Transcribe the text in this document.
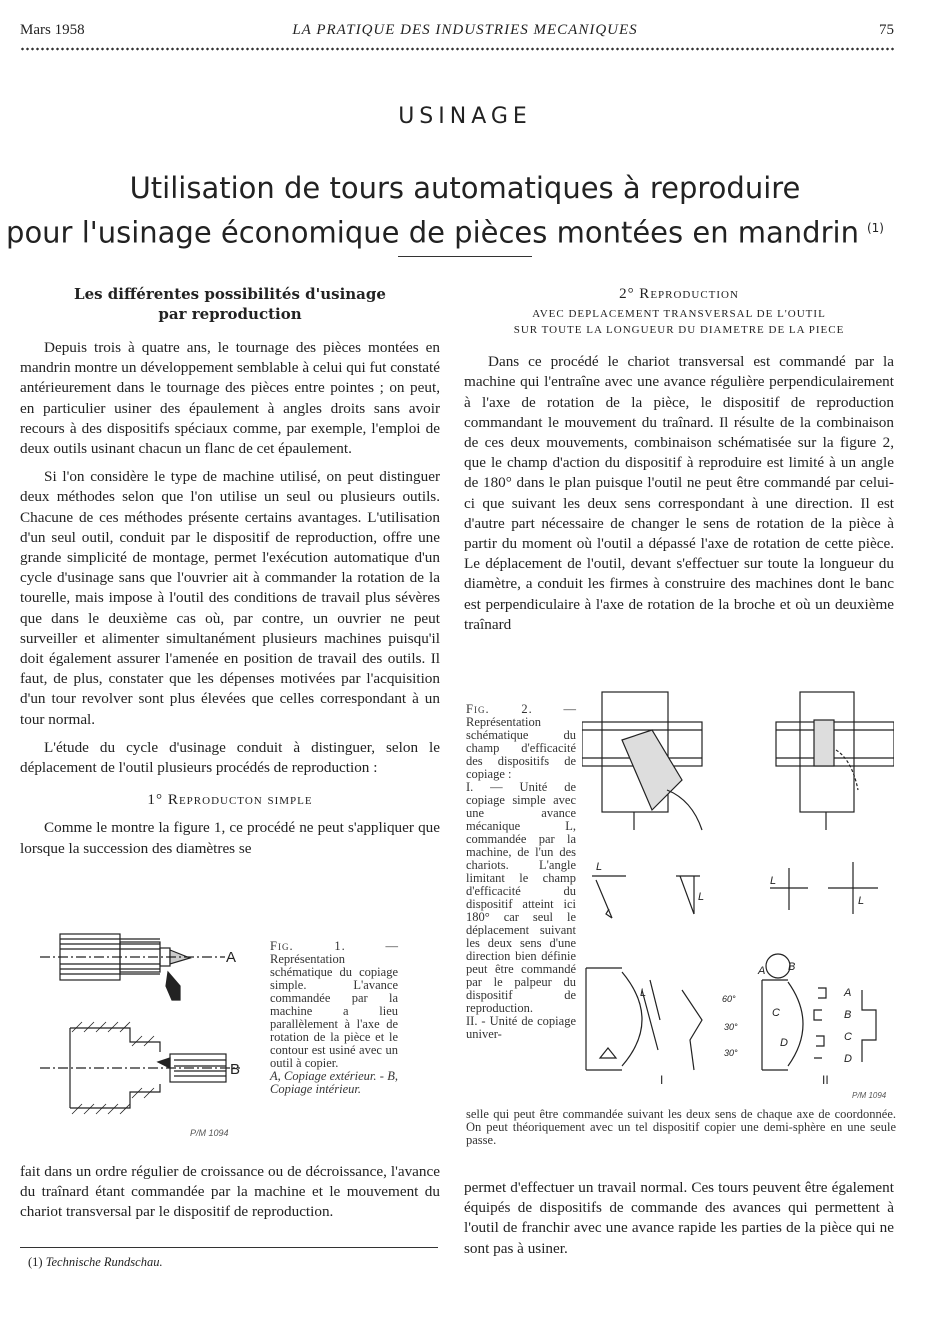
Mars 1958	LA PRATIQUE DES INDUSTRIES MECANIQUES	75
USINAGE
Utilisation de tours automatiques à reproduire
pour l'usinage économique de pièces montées en mandrin $^{(1)}$
Les différentes possibilités d'usinage
par reproduction

Depuis trois à quatre ans, le tournage des pièces montées en mandrin montre un développement semblable à celui qui fut constaté antérieurement dans le tournage des pièces entre pointes ; on peut, en particulier usiner des épaulement à angles droits sans avoir recours à des dispositifs spéciaux comme, par exemple, l'emploi de deux outils usinant chacun un flanc de cet épaulement.

Si l'on considère le type de machine utilisé, on peut distinguer deux méthodes selon que l'on utilise un seul ou plusieurs outils. Chacune de ces méthodes présente certains avantages. L'utilisation d'un seul outil, conduit par le dispositif de reproduction, offre une grande simplicité de montage, permet l'exécution automatique d'un cycle d'usinage sans que l'ouvrier ait à commander la rotation de la tourelle, mais impose à l'outil des conditions de travail plus sévères que dans le deuxième cas où, par contre, un ouvrier ne peut surveiller et alimenter simultanément plusieurs machines puisqu'il doit également assurer l'amenée en position de travail des outils. Il faut, de plus, constater que les dépenses motivées par l'acquisition d'un tour revolver sont plus élevées que celles correspondant à un tour normal.

L'étude du cycle d'usinage conduit à distinguer, selon le déplacement de l'outil plusieurs procédés de reproduction :

1° Reproducton simple

Comme le montre la figure 1, ce procédé ne peut s'appliquer que lorsque la succession des diamètres se

A
B
P/M 1094
Fig. 1. — Représentation schématique du copiage simple. L'avance commandée par la machine a lieu parallèlement à l'axe de rotation de la pièce et le contour est usiné avec un outil à copier.
A, Copiage extérieur. - B, Copiage intérieur.

fait dans un ordre régulier de croissance ou de décroissance, l'avance du traînard étant commandée par la machine et le mouvement du chariot transversal par le dispositif de reproduction.

(1) Technische Rundschau.
2° Reproduction
AVEC DEPLACEMENT TRANSVERSAL DE L'OUTIL
SUR TOUTE LA LONGUEUR DU DIAMETRE DE LA PIECE

Dans ce procédé le chariot transversal est commandé par la machine qui l'entraîne avec une avance régulière perpendiculairement à l'axe de rotation de la pièce, le dispositif de reproduction commandant le mouvement du traînard. Il résulte de la combinaison de ces deux mouvements, combinaison schématisée sur la figure 2, que le champ d'action du dispositif à reproduire est limité à un angle de 180° dans le plan puisque l'outil ne peut être commandé par celui-ci que suivant les deux sens correspondant à une direction. Il est d'autre part nécessaire de changer le sens de rotation de la pièce à partir du moment où l'outil a dépassé l'axe de rotation de cette pièce. Le déplacement de l'outil, devant s'effectuer sur toute la longueur du diamètre, a conduit les firmes à construire des machines dont le banc est perpendiculaire à l'axe de rotation de la broche et où un deuxième traînard

Fig. 2. — Représentation schématique du champ d'efficacité des dispositifs de copiage :
I. — Unité de copiage simple avec une avance mécanique L, commandée par la machine, de l'un des chariots. L'angle limitant le champ d'efficacité du dispositif atteint ici 180° car seul le déplacement suivant les deux sens d'une direction bien définie peut être commandé par le palpeur du dispositif de reproduction.
II. - Unité de copiage univer-
selle qui peut être commandée suivant les deux sens de chaque axe de coordonnée. On peut théoriquement avec un tel dispositif copier une demi-sphère en une seule passe.
L
L
L
L
L	60°
30°
30°
A B
C
D
A
B
C
D
I	II
P/M 1094

permet d'effectuer un travail normal. Ces tours peuvent être également équipés de dispositifs de commande des avances qui permettent à l'outil de franchir avec une avance rapide les parties de la pièce qui ne sont pas à usiner.
